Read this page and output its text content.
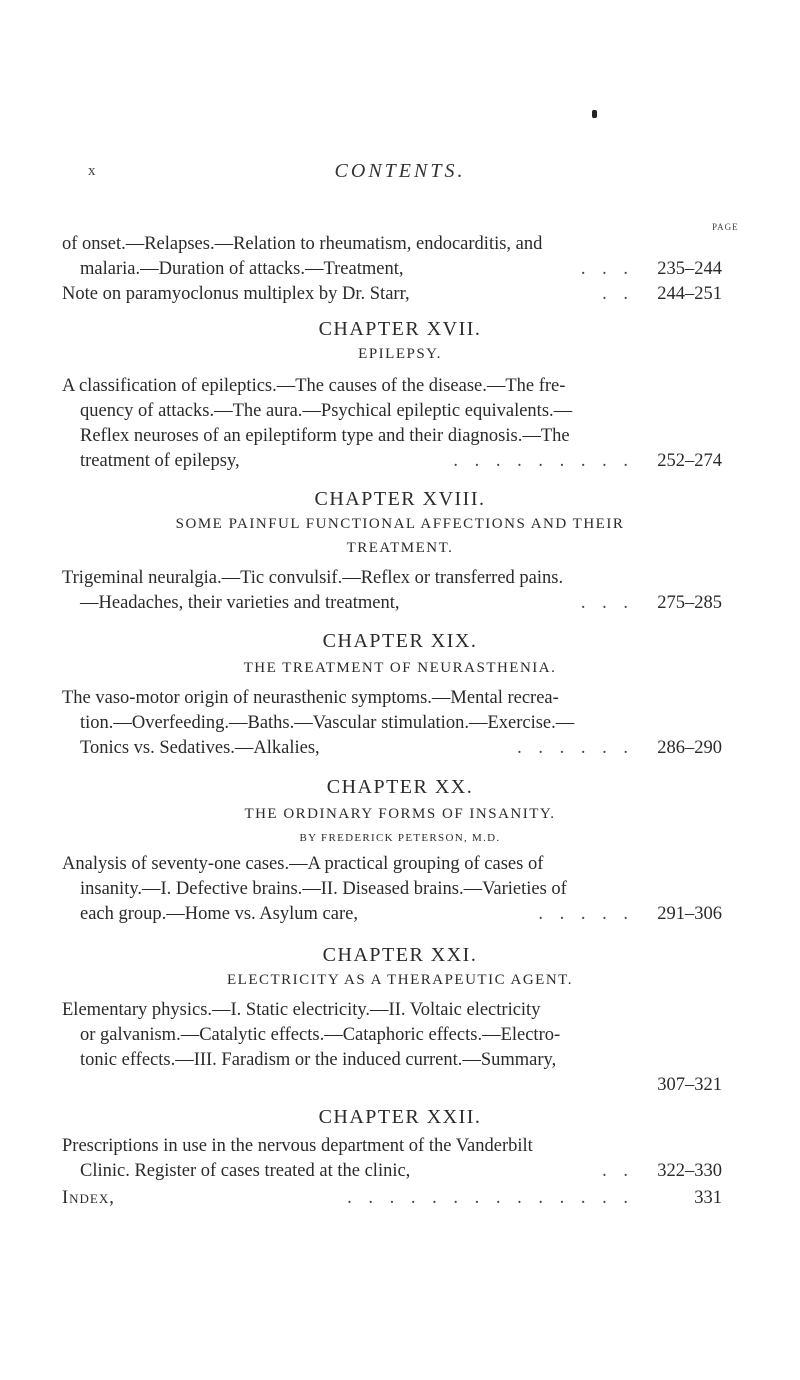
x	CONTENTS.
PAGE
of onset.—Relapses.—Relation to rheumatism, endocarditis, and
malaria.—Duration of attacks.—Treatment,	. . .	235–244
Note on paramyoclonus multiplex by Dr. Starr,	. .	244–251
CHAPTER XVII.
EPILEPSY.
A classification of epileptics.—The causes of the disease.—The fre-
quency of attacks.—The aura.—Psychical epileptic equivalents.—
Reflex neuroses of an epileptiform type and their diagnosis.—The
treatment of epilepsy,	. . . . . . . . .	252–274
CHAPTER XVIII.
SOME PAINFUL FUNCTIONAL AFFECTIONS AND THEIR
TREATMENT.
Trigeminal neuralgia.—Tic convulsif.—Reflex or transferred pains.
—Headaches, their varieties and treatment,	. . .	275–285
CHAPTER XIX.
THE TREATMENT OF NEURASTHENIA.
The vaso-motor origin of neurasthenic symptoms.—Mental recrea-
tion.—Overfeeding.—Baths.—Vascular stimulation.—Exercise.—
Tonics vs. Sedatives.—Alkalies,	. . . . . .	286–290
CHAPTER XX.
THE ORDINARY FORMS OF INSANITY.
BY FREDERICK PETERSON, M.D.
Analysis of seventy-one cases.—A practical grouping of cases of
insanity.—I. Defective brains.—II. Diseased brains.—Varieties of
each group.—Home vs. Asylum care,	. . . . .	291–306
CHAPTER XXI.
ELECTRICITY AS A THERAPEUTIC AGENT.
Elementary physics.—I. Static electricity.—II. Voltaic electricity
or galvanism.—Catalytic effects.—Cataphoric effects.—Electro-
tonic effects.—III. Faradism or the induced current.—Summary,
307–321
CHAPTER XXII.
Prescriptions in use in the nervous department of the Vanderbilt
Clinic. Register of cases treated at the clinic,	. .	322–330
Index,	. . . . . . . . . . . . . .	331
